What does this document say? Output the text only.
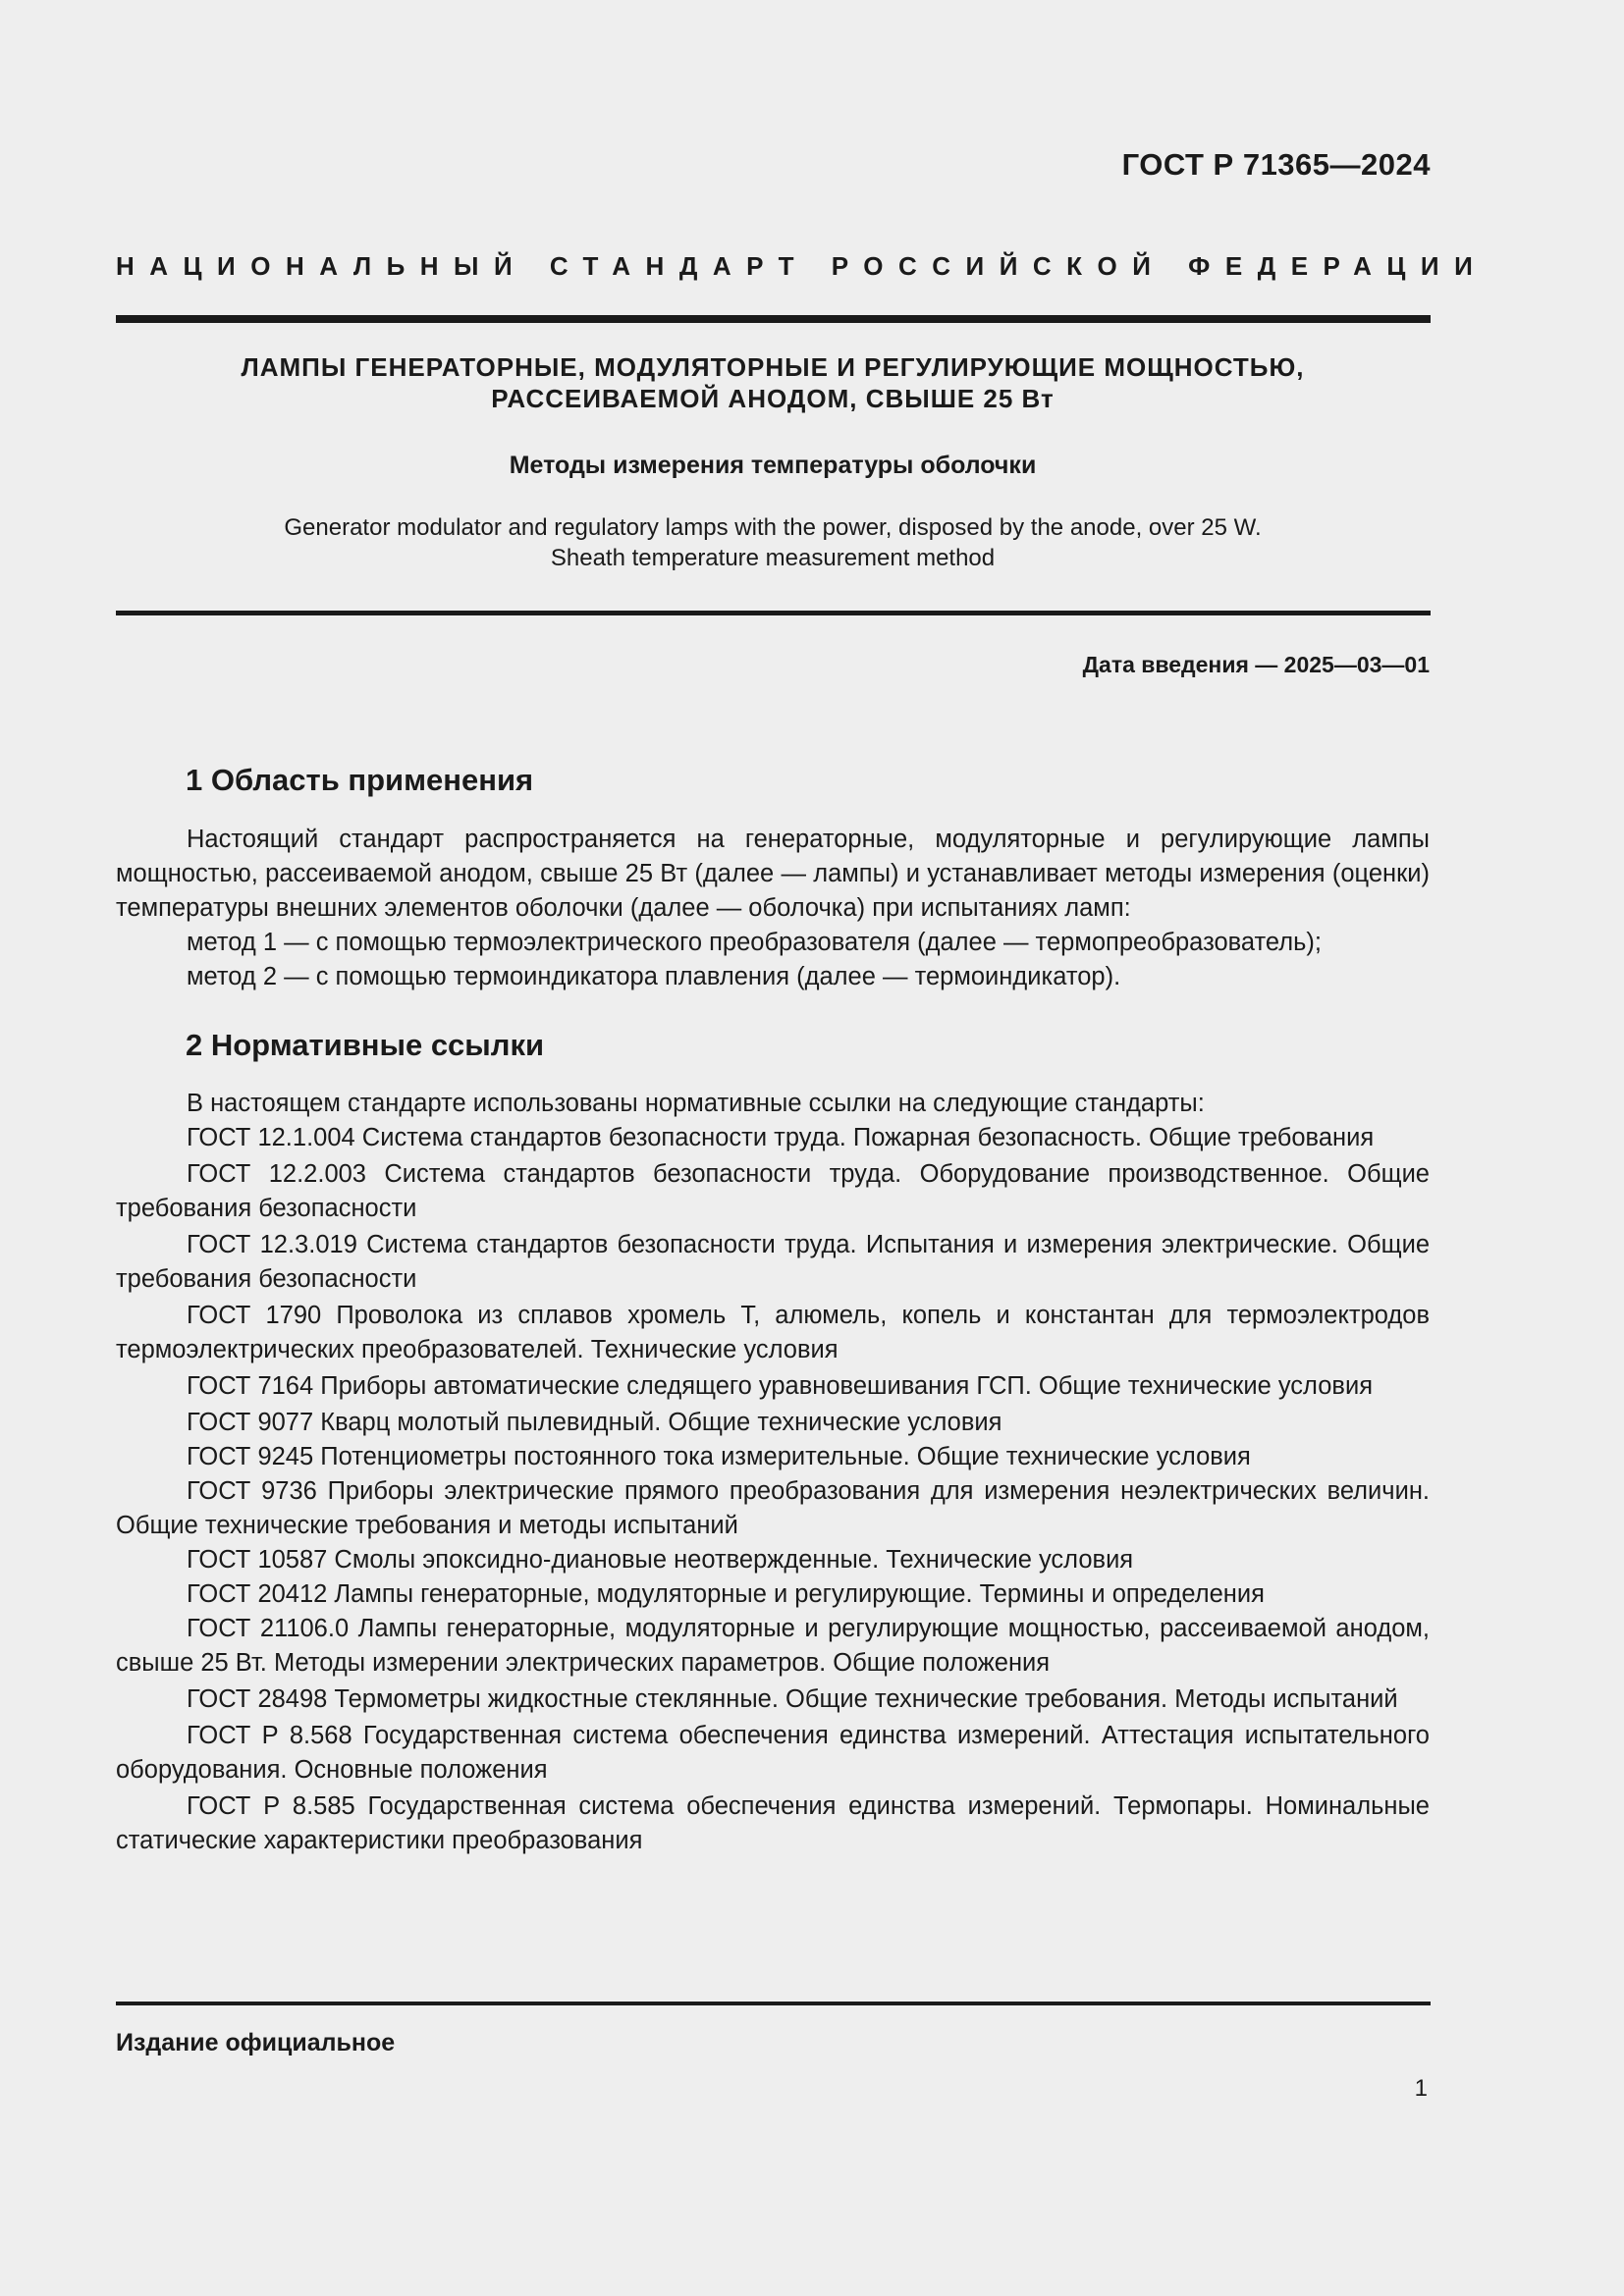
ГОСТ Р 71365—2024
НАЦИОНАЛЬНЫЙ СТАНДАРТ РОССИЙСКОЙ ФЕДЕРАЦИИ
ЛАМПЫ ГЕНЕРАТОРНЫЕ, МОДУЛЯТОРНЫЕ И РЕГУЛИРУЮЩИЕ МОЩНОСТЬЮ,
РАССЕИВАЕМОЙ АНОДОМ, СВЫШЕ 25 Вт
Методы измерения температуры оболочки
Generator modulator and regulatory lamps with the power, disposed by the anode, over 25 W.
Sheath temperature measurement method
Дата введения — 2025—03—01
1 Область применения

Настоящий стандарт распространяется на генераторные, модуляторные и регулирующие лампы мощностью, рассеиваемой анодом, свыше 25 Вт (далее — лампы) и устанавливает методы измерения (оценки) температуры внешних элементов оболочки (далее — оболочка) при испытаниях ламп:

метод 1 — с помощью термоэлектрического преобразователя (далее — термопреобразователь);

метод 2 — с помощью термоиндикатора плавления (далее — термоиндикатор).

2 Нормативные ссылки

В настоящем стандарте использованы нормативные ссылки на следующие стандарты:

ГОСТ 12.1.004 Система стандартов безопасности труда. Пожарная безопасность. Общие требования

ГОСТ 12.2.003 Система стандартов безопасности труда. Оборудование производственное. Общие требования безопасности

ГОСТ 12.3.019 Система стандартов безопасности труда. Испытания и измерения электрические. Общие требования безопасности

ГОСТ 1790 Проволока из сплавов хромель Т, алюмель, копель и константан для термоэлектродов термоэлектрических преобразователей. Технические условия

ГОСТ 7164 Приборы автоматические следящего уравновешивания ГСП. Общие технические условия

ГОСТ 9077 Кварц молотый пылевидный. Общие технические условия

ГОСТ 9245 Потенциометры постоянного тока измерительные. Общие технические условия

ГОСТ 9736 Приборы электрические прямого преобразования для измерения неэлектрических величин. Общие технические требования и методы испытаний

ГОСТ 10587 Смолы эпоксидно-диановые неотвержденные. Технические условия

ГОСТ 20412 Лампы генераторные, модуляторные и регулирующие. Термины и определения

ГОСТ 21106.0 Лампы генераторные, модуляторные и регулирующие мощностью, рассеиваемой анодом, свыше 25 Вт. Методы измерении электрических параметров. Общие положения

ГОСТ 28498 Термометры жидкостные стеклянные. Общие технические требования. Методы испытаний

ГОСТ Р 8.568 Государственная система обеспечения единства измерений. Аттестация испытательного оборудования. Основные положения

ГОСТ Р 8.585 Государственная система обеспечения единства измерений. Термопары. Номинальные статические характеристики преобразования

Издание официальное
1
